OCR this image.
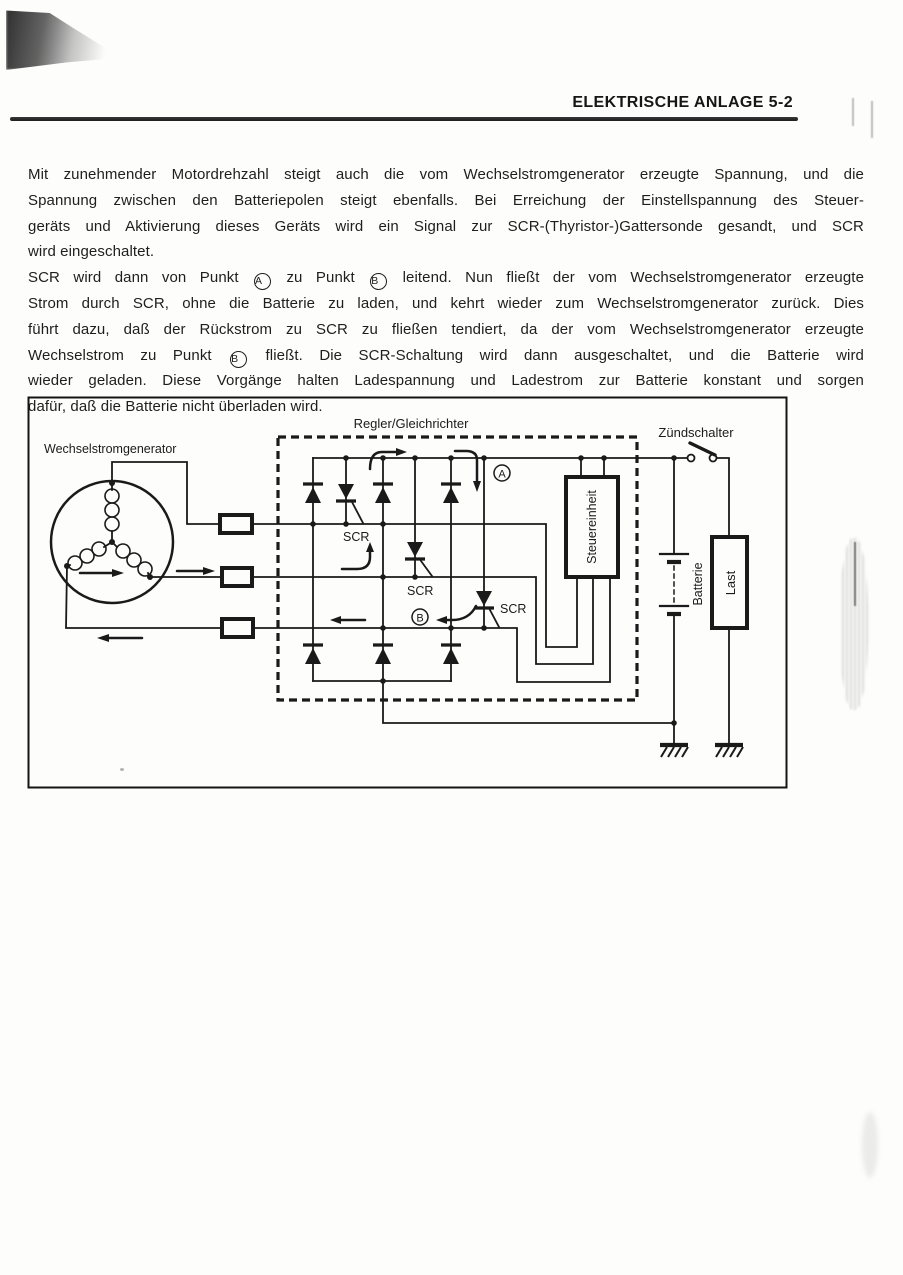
ELEKTRISCHE ANLAGE 5-2
Mit zunehmender Motordrehzahl steigt auch die vom Wechselstromgenerator erzeugte Spannung, und die
Spannung zwischen den Batteriepolen steigt ebenfalls. Bei Erreichung der Einstellspannung des Steuer-
geräts und Aktivierung dieses Geräts wird ein Signal zur SCR-(Thyristor-)Gattersonde gesandt, und SCR
wird eingeschaltet.
SCR wird dann von Punkt A zu Punkt B leitend. Nun fließt der vom Wechselstromgenerator erzeugte
Strom durch SCR, ohne die Batterie zu laden, und kehrt wieder zum Wechselstromgenerator zurück. Dies
führt dazu, daß der Rückstrom zu SCR zu fließen tendiert, da der vom Wechselstromgenerator erzeugte
Wechselstrom zu Punkt B fließt. Die SCR-Schaltung wird dann ausgeschaltet, und die Batterie wird
wieder geladen. Diese Vorgänge halten Ladespannung und Ladestrom zur Batterie konstant und sorgen
dafür, daß die Batterie nicht überladen wird.
A
B
Wechselstromgenerator
Regler/Gleichrichter
Zündschalter
Steuereinheit
Batterie Last
SCR
SCR
SCR
